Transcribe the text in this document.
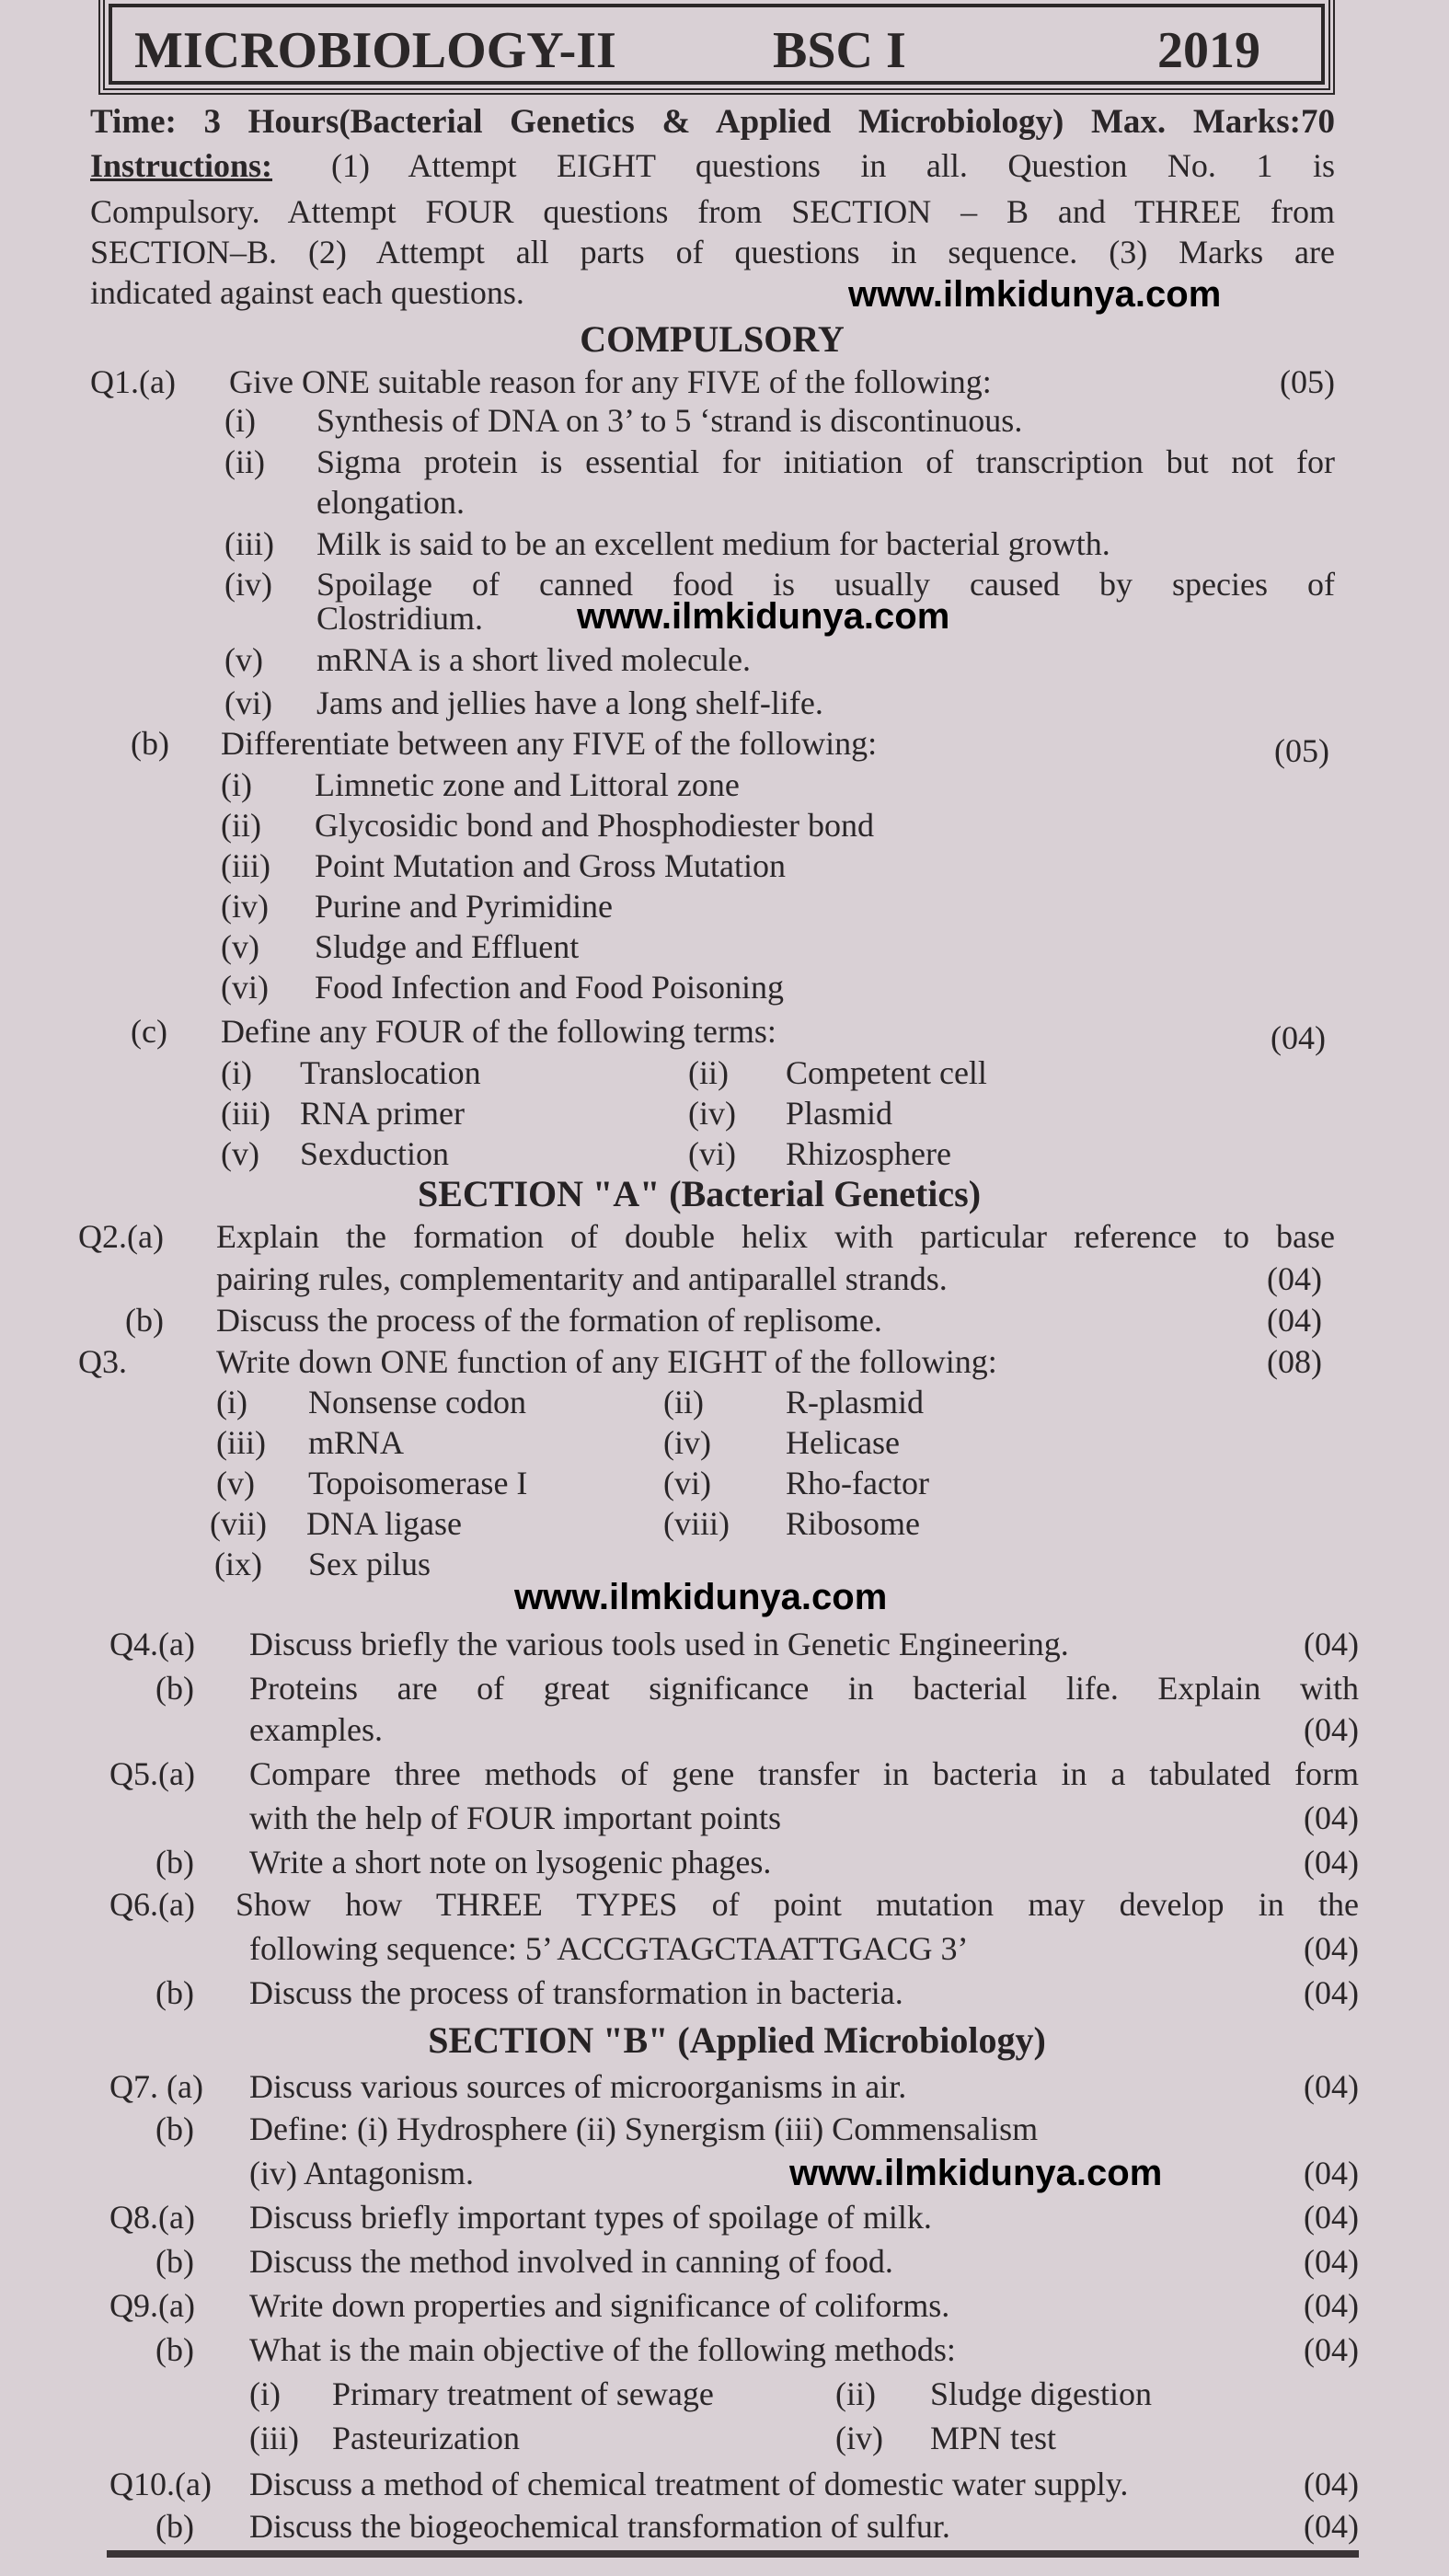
MICROBIOLOGY-II	BSC I	2019
Time: 3 Hours(Bacterial Genetics & Applied Microbiology) Max. Marks:70
Instructions: (1) Attempt EIGHT questions in all. Question No. 1 is
Compulsory. Attempt FOUR questions from SECTION – B and THREE from
SECTION–B. (2) Attempt all parts of questions in sequence. (3) Marks are
indicated against each questions.	www.ilmkidunya.com
COMPULSORY
Q1.(a) Give ONE suitable reason for any FIVE of the following:	(05)
(i) Synthesis of DNA on 3’ to 5 ‘strand is discontinuous.
(ii) Sigma protein is essential for initiation of transcription but not for
elongation.
(iii) Milk is said to be an excellent medium for bacterial growth.
(iv) Spoilage of canned food is usually caused by species of
Clostridium.	www.ilmkidunya.com
(v) mRNA is a short lived molecule.
(vi) Jams and jellies have a long shelf-life.
(b) Differentiate between any FIVE of the following:	(05)
(i) Limnetic zone and Littoral zone
(ii) Glycosidic bond and Phosphodiester bond
(iii) Point Mutation and Gross Mutation
(iv) Purine and Pyrimidine
(v) Sludge and Effluent
(vi) Food Infection and Food Poisoning
(c) Define any FOUR of the following terms:	(04)
(i) Translocation	(ii) Competent cell
(iii) RNA primer	(iv) Plasmid
(v) Sexduction	(vi) Rhizosphere
SECTION "A" (Bacterial Genetics)
Q2.(a) Explain the formation of double helix with particular reference to base
pairing rules, complementarity and antiparallel strands.	(04)
(b) Discuss the process of the formation of replisome.	(04)
Q3.	Write down ONE function of any EIGHT of the following:	(08)
(i) Nonsense codon	(ii) R-plasmid
(iii) mRNA	(iv) Helicase
(v) Topoisomerase I	(vi) Rho-factor
(vii) DNA ligase	(viii) Ribosome
(ix) Sex pilus
www.ilmkidunya.com
Q4.(a) Discuss briefly the various tools used in Genetic Engineering.	(04)
(b) Proteins are of great significance in bacterial life. Explain with
examples.	(04)
Q5.(a) Compare three methods of gene transfer in bacteria in a tabulated form
with the help of FOUR important points	(04)
(b) Write a short note on lysogenic phages.	(04)
Q6.(a) Show how THREE TYPES of point mutation may develop in the
following sequence: 5’ ACCGTAGCTAATTGACG 3’	(04)
(b) Discuss the process of transformation in bacteria.	(04)
SECTION "B" (Applied Microbiology)
Q7. (a) Discuss various sources of microorganisms in air.	(04)
(b) Define: (i) Hydrosphere (ii) Synergism (iii) Commensalism
(iv) Antagonism.	www.ilmkidunya.com	(04)
Q8.(a) Discuss briefly important types of spoilage of milk.	(04)
(b) Discuss the method involved in canning of food.	(04)
Q9.(a) Write down properties and significance of coliforms.	(04)
(b) What is the main objective of the following methods:	(04)
(i) Primary treatment of sewage	(ii) Sludge digestion
(iii) Pasteurization	(iv) MPN test
Q10.(a) Discuss a method of chemical treatment of domestic water supply.	(04)
(b) Discuss the biogeochemical transformation of sulfur.	(04)
